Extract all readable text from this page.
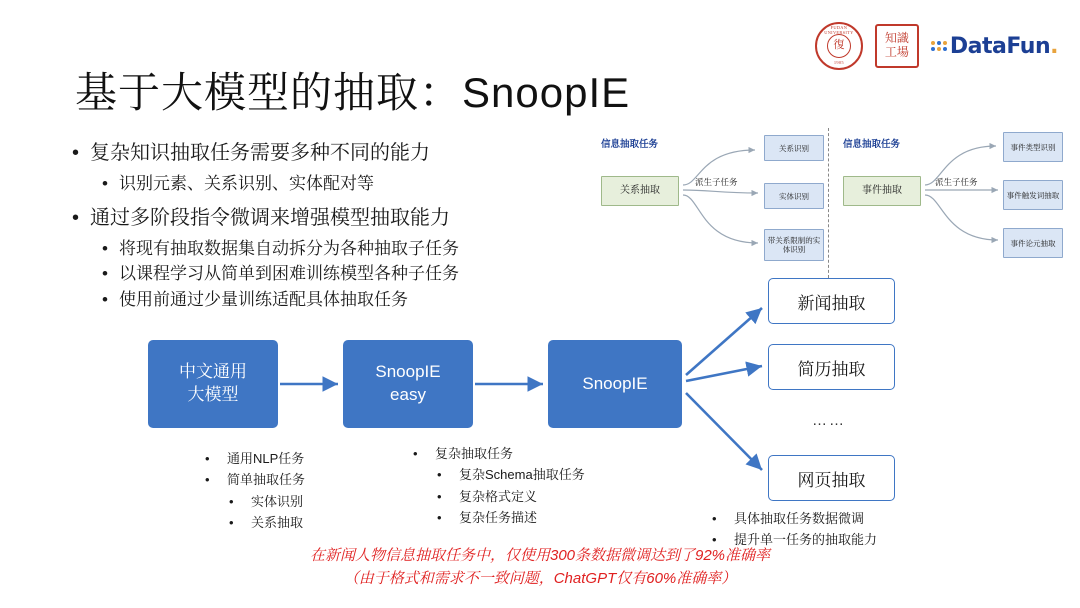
FUDAN UNIVERSITY
復
1905
知識
工場 DataFun.
基于大模型的抽取：SnoopIE
• 复杂知识抽取任务需要多种不同的能力
• 识别元素、关系识别、实体配对等
• 通过多阶段指令微调来增强模型抽取能力
• 将现有抽取数据集自动拆分为各种抽取子任务
• 以课程学习从简单到困难训练模型各种子任务
• 使用前通过少量训练适配具体抽取任务
信息抽取任务
关系抽取
派生子任务
关系识别
实体识别
带关系限制的实体识别
信息抽取任务
事件抽取
派生子任务
事件类型识别
事件触发词抽取
事件论元抽取
中文通用
大模型
SnoopIE
easy
SnoopIE
新闻抽取
简历抽取
网页抽取
……
•	通用NLP任务
•	简单抽取任务
•	实体识别
•	关系抽取
•	复杂抽取任务
•	复杂Schema抽取任务
•	复杂格式定义
•	复杂任务描述	•	具体抽取任务数据微调
•	提升单一任务的抽取能力
在新闻人物信息抽取任务中，仅使用300条数据微调达到了92%准确率
（由于格式和需求不一致问题，ChatGPT仅有60%准确率）
